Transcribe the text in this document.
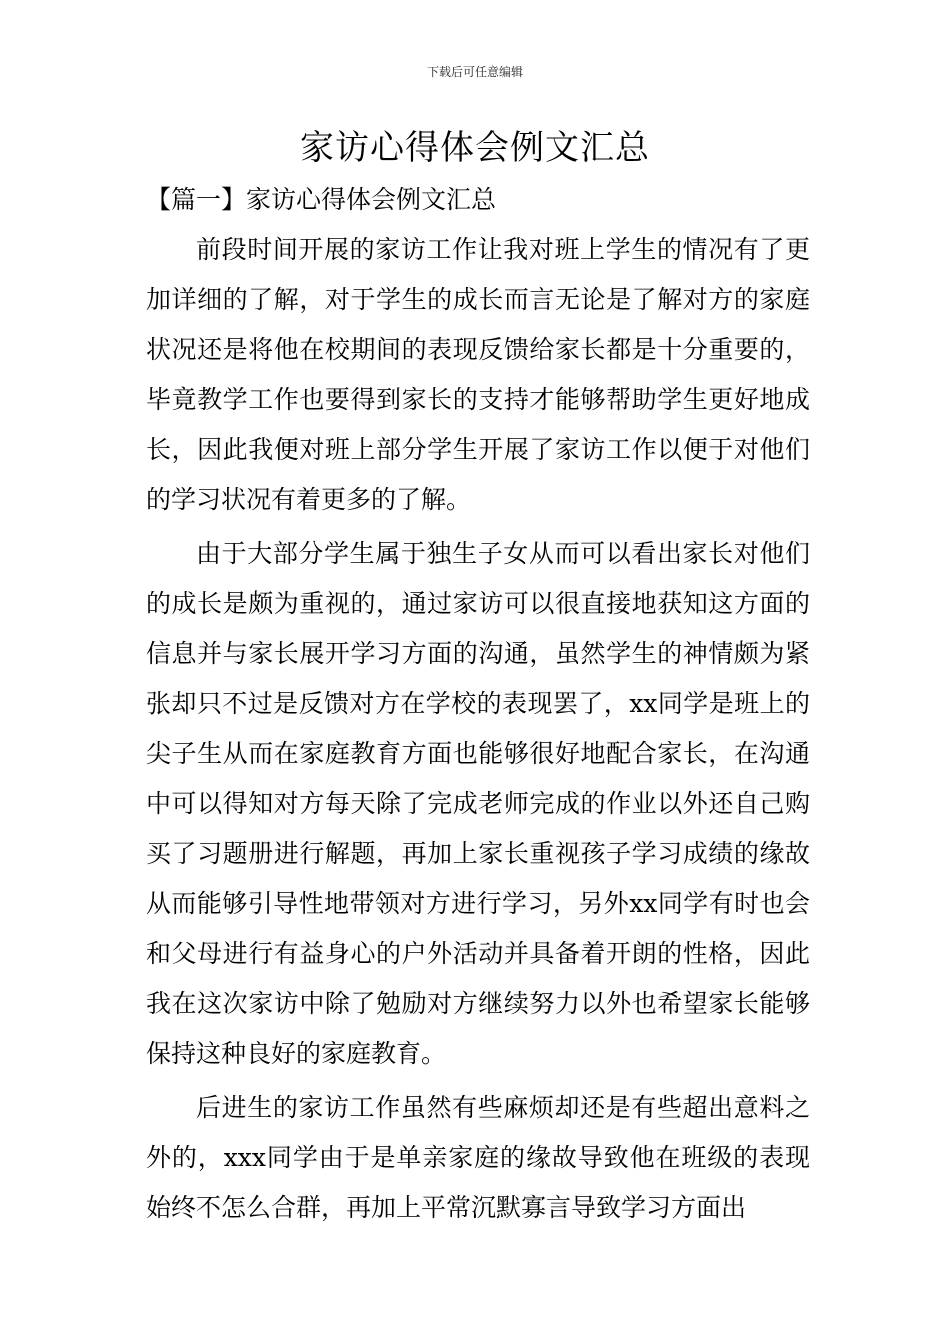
下载后可任意编辑
家访心得体会例文汇总
【篇一】家访心得体会例文汇总

前段时间开展的家访工作让我对班上学生的情况有了更加详细的了解，对于学生的成长而言无论是了解对方的家庭状况还是将他在校期间的表现反馈给家长都是十分重要的，毕竟教学工作也要得到家长的支持才能够帮助学生更好地成长，因此我便对班上部分学生开展了家访工作以便于对他们的学习状况有着更多的了解。

由于大部分学生属于独生子女从而可以看出家长对他们的成长是颇为重视的，通过家访可以很直接地获知这方面的信息并与家长展开学习方面的沟通，虽然学生的神情颇为紧张却只不过是反馈对方在学校的表现罢了，xx同学是班上的尖子生从而在家庭教育方面也能够很好地配合家长，在沟通中可以得知对方每天除了完成老师完成的作业以外还自己购买了习题册进行解题，再加上家长重视孩子学习成绩的缘故从而能够引导性地带领对方进行学习，另外xx同学有时也会和父母进行有益身心的户外活动并具备着开朗的性格，因此我在这次家访中除了勉励对方继续努力以外也希望家长能够保持这种良好的家庭教育。

后进生的家访工作虽然有些麻烦却还是有些超出意料之外的，xxx同学由于是单亲家庭的缘故导致他在班级的表现始终不怎么合群，再加上平常沉默寡言导致学习方面出
